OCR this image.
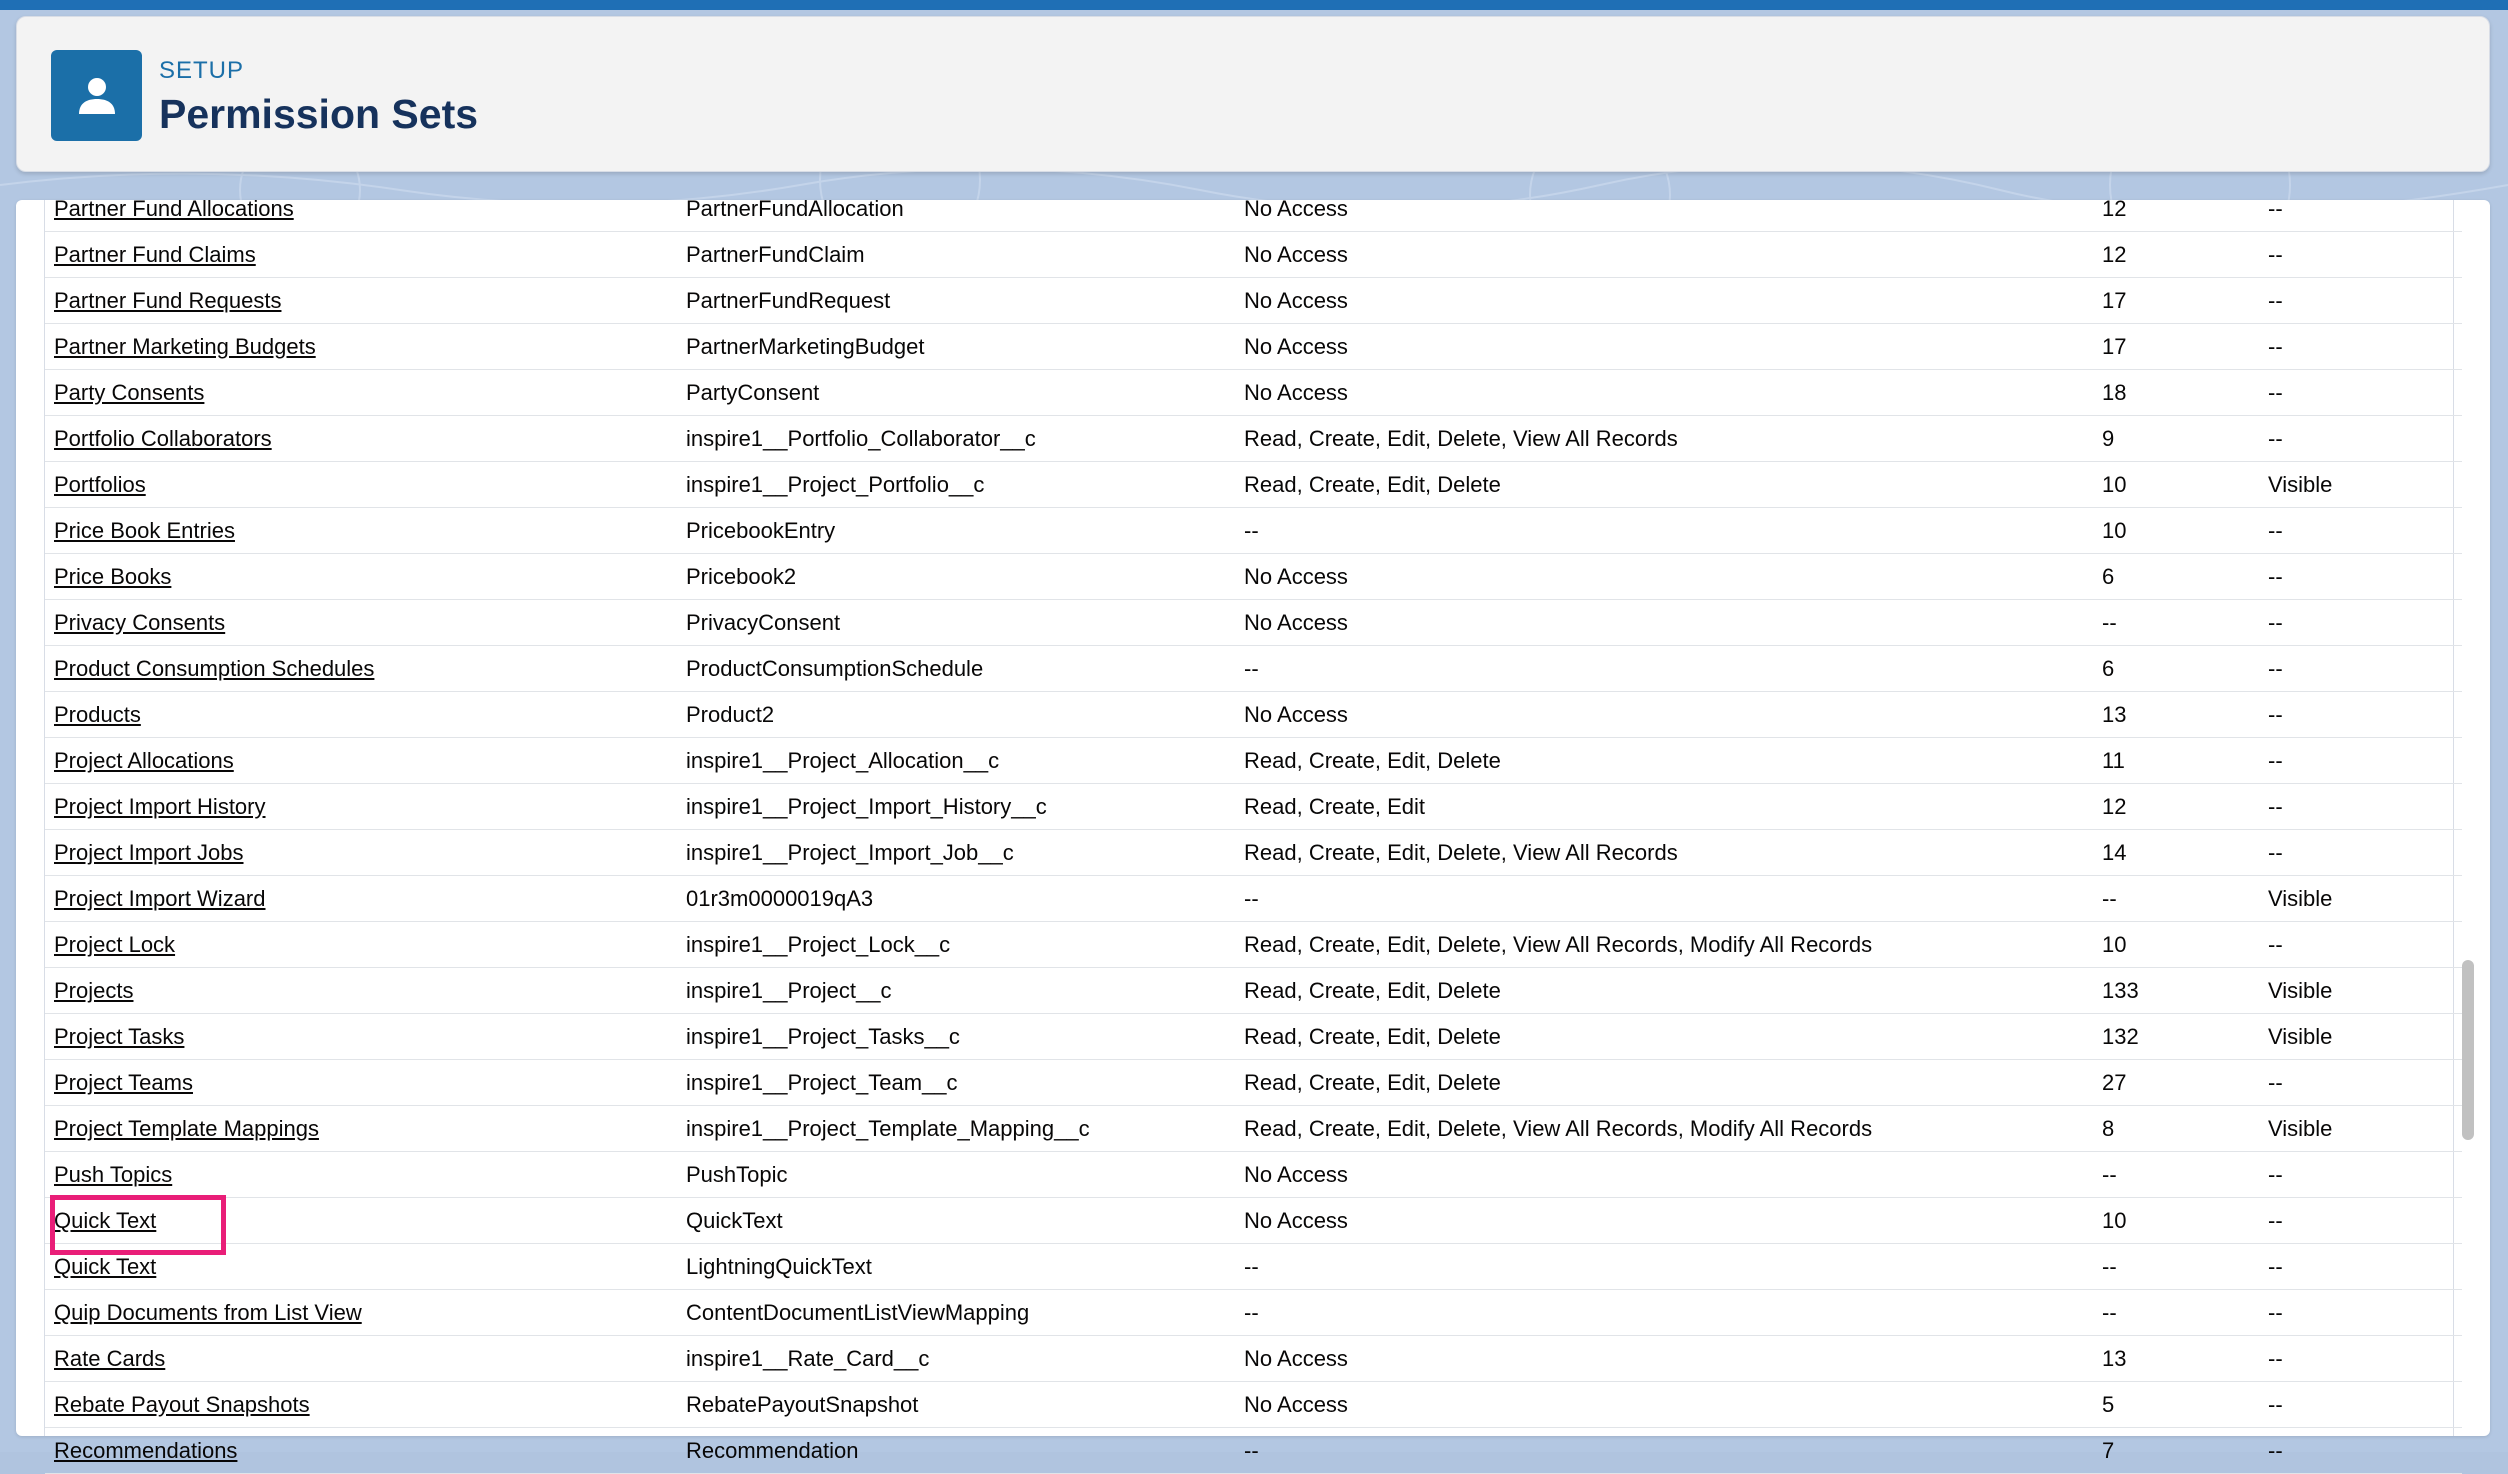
SETUP
Permission Sets
Partner Fund Allocations	PartnerFundAllocation	No Access	12	--
Partner Fund Claims	PartnerFundClaim	No Access	12	--
Partner Fund Requests	PartnerFundRequest	No Access	17	--
Partner Marketing Budgets	PartnerMarketingBudget	No Access	17	--
Party Consents	PartyConsent	No Access	18	--
Portfolio Collaborators	inspire1__Portfolio_Collaborator__c	Read, Create, Edit, Delete, View All Records	9	--
Portfolios	inspire1__Project_Portfolio__c	Read, Create, Edit, Delete	10	Visible
Price Book Entries	PricebookEntry	--	10	--
Price Books	Pricebook2	No Access	6	--
Privacy Consents	PrivacyConsent	No Access	--	--
Product Consumption Schedules	ProductConsumptionSchedule	--	6	--
Products	Product2	No Access	13	--
Project Allocations	inspire1__Project_Allocation__c	Read, Create, Edit, Delete	11	--
Project Import History	inspire1__Project_Import_History__c	Read, Create, Edit	12	--
Project Import Jobs	inspire1__Project_Import_Job__c	Read, Create, Edit, Delete, View All Records	14	--
Project Import Wizard	01r3m0000019qA3	--	--	Visible
Project Lock	inspire1__Project_Lock__c	Read, Create, Edit, Delete, View All Records, Modify All Records	10	--
Projects	inspire1__Project__c	Read, Create, Edit, Delete	133	Visible
Project Tasks	inspire1__Project_Tasks__c	Read, Create, Edit, Delete	132	Visible
Project Teams	inspire1__Project_Team__c	Read, Create, Edit, Delete	27	--
Project Template Mappings	inspire1__Project_Template_Mapping__c	Read, Create, Edit, Delete, View All Records, Modify All Records	8	Visible
Push Topics	PushTopic	No Access	--	--
Quick Text	QuickText	No Access	10	--
Quick Text	LightningQuickText	--	--	--
Quip Documents from List View	ContentDocumentListViewMapping	--	--	--
Rate Cards	inspire1__Rate_Card__c	No Access	13	--
Rebate Payout Snapshots	RebatePayoutSnapshot	No Access	5	--
Recommendations	Recommendation	--	7	--
